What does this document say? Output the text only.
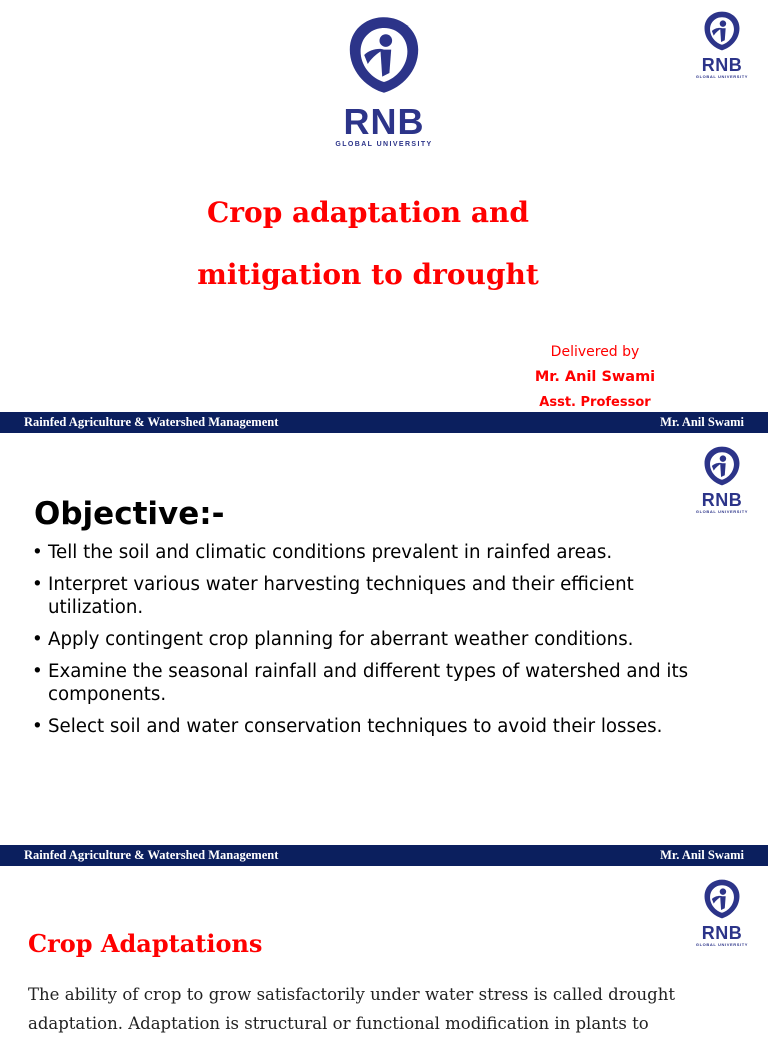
RNB
GLOBAL UNIVERSITY
RNB
GLOBAL UNIVERSITY
Crop adaptation and
mitigation to drought
Delivered by
Mr. Anil Swami
Asst. Professor
Rainfed Agriculture & Watershed Management	Mr. Anil Swami
RNB
GLOBAL UNIVERSITY
Objective:-
• Tell the soil and climatic conditions prevalent in rainfed areas.
• Interpret various water harvesting techniques and their efficient utilization.
• Apply contingent crop planning for aberrant weather conditions.
• Examine the seasonal rainfall and different types of watershed and its components.
• Select soil and water conservation techniques to avoid their losses.
Rainfed Agriculture & Watershed Management	Mr. Anil Swami
RNB
GLOBAL UNIVERSITY
Crop Adaptations
The ability of crop to grow satisfactorily under water stress is called drought adaptation. Adaptation is structural or functional modification in plants to
